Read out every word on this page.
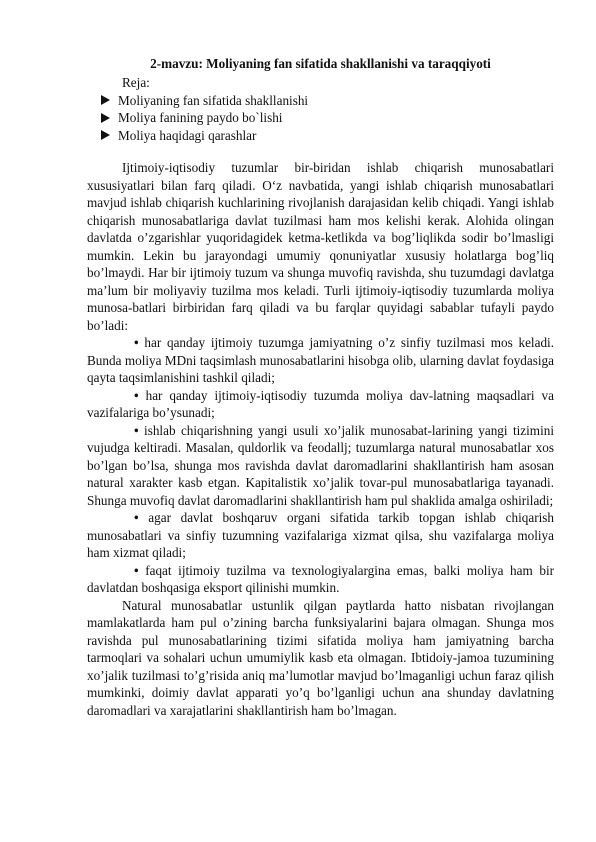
2-mavzu: Moliyaning fan sifatida shakllanishi va taraqqiyoti
Reja:
Moliyaning fan sifatida shakllanishi
Moliya fanining paydo bo`lishi
Moliya haqidagi qarashlar

Ijtimoiy-iqtisodiy tuzumlar bir-biridan ishlab chiqarish munosabatlari xususiyatlari bilan farq qiladi. O‘z navbatida, yangi ishlab chiqarish munosabatlari mavjud ishlab chiqarish kuchlarining rivojlanish darajasidan kelib chiqadi. Yangi ishlab chiqarish munosabatlariga davlat tuzilmasi ham mos kelishi kerak. Alohida olingan davlatda o’zgarishlar yuqoridagidek ketma-ketlikda va bog’liqlikda sodir bo’lmasligi mumkin. Lekin bu jarayondagi umumiy qonuniyatlar xususiy holatlarga bog’liq bo’lmaydi. Har bir ijtimoiy tuzum va shunga muvofiq ravishda, shu tuzumdagi davlatga ma’lum bir moliyaviy tuzilma mos keladi. Turli ijtimoiy-iqtisodiy tuzumlarda moliya munosa-batlari birbiridan farq qiladi va bu farqlar quyidagi sabablar tufayli paydo bo’ladi:

• har qanday ijtimoiy tuzumga jamiyatning o’z sinfiy tuzilmasi mos keladi. Bunda moliya MDni taqsimlash munosabatlarini hisobga olib, ularning davlat foydasiga qayta taqsimlanishini tashkil qiladi;

• har qanday ijtimoiy-iqtisodiy tuzumda moliya dav-latning maqsadlari va vazifalariga bo’ysunadi;

• ishlab chiqarishning yangi usuli xo’jalik munosabat-larining yangi tizimini vujudga keltiradi. Masalan, quldorlik va feodallj; tuzumlarga natural munosabatlar xos bo’lgan bo’lsa, shunga mos ravishda davlat daromadlarini shakllantirish ham asosan natural xarakter kasb etgan. Kapitalistik xo’jalik tovar-pul munosabatlariga tayanadi. Shunga muvofiq davlat daromadlarini shakllantirish ham pul shaklida amalga oshiriladi;

• agar davlat boshqaruv organi sifatida tarkib topgan ishlab chiqarish munosabatlari va sinfiy tuzumning vazifalariga xizmat qilsa, shu vazifalarga moliya ham xizmat qiladi;

• faqat ijtimoiy tuzilma va texnologiyalargina emas, balki moliya ham bir davlatdan boshqasiga eksport qilinishi mumkin.

Natural munosabatlar ustunlik qilgan paytlarda hatto nisbatan rivojlangan mamlakatlarda ham pul o’zining barcha funksiyalarini bajara olmagan. Shunga mos ravishda pul munosabatlarining tizimi sifatida moliya ham jamiyatning barcha tarmoqlari va sohalari uchun umumiylik kasb eta olmagan. Ibtidoiy-jamoa tuzumining xo’jalik tuzilmasi to’g’risida aniq ma’lumotlar mavjud bo’lmaganligi uchun faraz qilish mumkinki, doimiy davlat apparati yo’q bo’lganligi uchun ana shunday davlatning daromadlari va xarajatlarini shakllantirish ham bo’lmagan.
